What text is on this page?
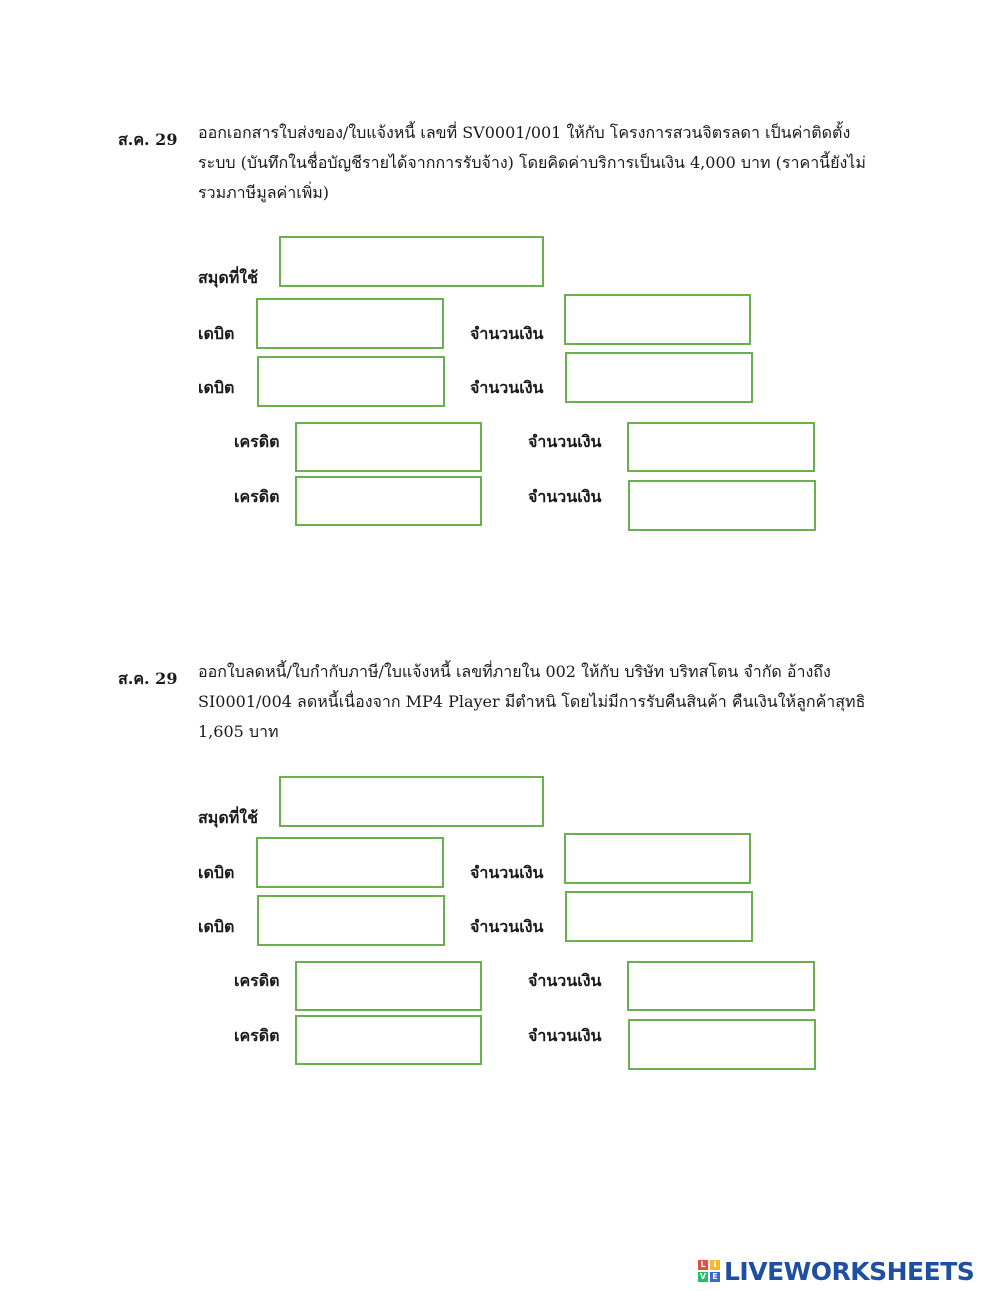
ส.ค. 29 ออกเอกสารใบส่งของ/ใบแจ้งหนี้ เลขที่ SV0001/001 ให้กับ โครงการสวนจิตรลดา เป็นค่าติดตั้ง
ระบบ (บันทึกในชื่อบัญชีรายได้จากการรับจ้าง) โดยคิดค่าบริการเป็นเงิน 4,000 บาท (ราคานี้ยังไม่
รวมภาษีมูลค่าเพิ่ม)
สมุดที่ใช้
เดบิต	จำนวนเงิน
เดบิต	จำนวนเงิน
เครดิต	จำนวนเงิน
เครดิต	จำนวนเงิน
ส.ค. 29 ออกใบลดหนี้/ใบกำกับภาษี/ใบแจ้งหนี้ เลขที่ภายใน 002 ให้กับ บริษัท บริทสโตน จำกัด อ้างถึง
SI0001/004 ลดหนี้เนื่องจาก MP4 Player มีตำหนิ โดยไม่มีการรับคืนสินค้า คืนเงินให้ลูกค้าสุทธิ
1,605 บาท
สมุดที่ใช้
เดบิต	จำนวนเงิน
เดบิต	จำนวนเงิน
เครดิต	จำนวนเงิน
เครดิต	จำนวนเงิน
L I
V E LIVEWORKSHEETS
